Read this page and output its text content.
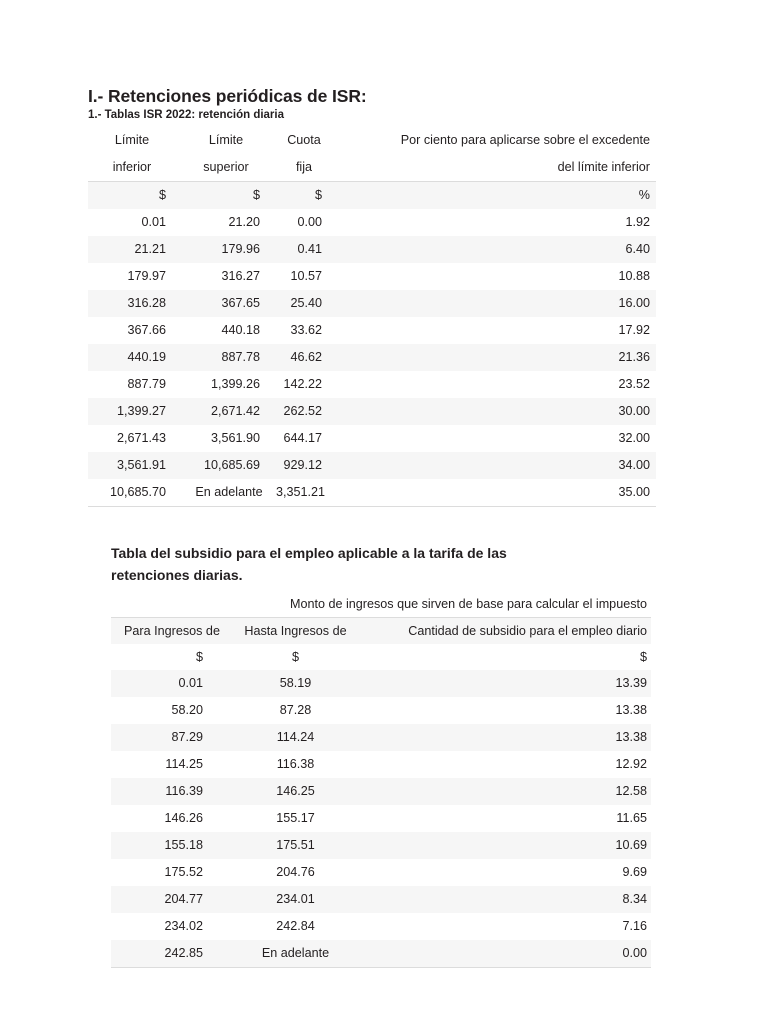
I.- Retenciones periódicas de ISR:
1.- Tablas ISR 2022: retención diaria
Límite	Límite	Cuota	Por ciento para aplicarse sobre el excedente
inferior	superior	fija	del límite inferior
$	$	$	%
0.01	21.20	0.00	1.92
21.21	179.96	0.41	6.40
179.97	316.27	10.57	10.88
316.28	367.65	25.40	16.00
367.66	440.18	33.62	17.92
440.19	887.78	46.62	21.36
887.79	1,399.26	142.22	23.52
1,399.27	2,671.42	262.52	30.00
2,671.43	3,561.90	644.17	32.00
3,561.91	10,685.69	929.12	34.00
10,685.70	En adelante	3,351.21	35.00
Tabla del subsidio para el empleo aplicable a la tarifa de las retenciones diarias.
Monto de ingresos que sirven de base para calcular el impuesto		
Para Ingresos de	Hasta Ingresos de	Cantidad de subsidio para el empleo diario
$	$	$
0.01	58.19	13.39
58.20	87.28	13.38
87.29	114.24	13.38
114.25	116.38	12.92
116.39	146.25	12.58
146.26	155.17	11.65
155.18	175.51	10.69
175.52	204.76	9.69
204.77	234.01	8.34
234.02	242.84	7.16
242.85	En adelante	0.00
